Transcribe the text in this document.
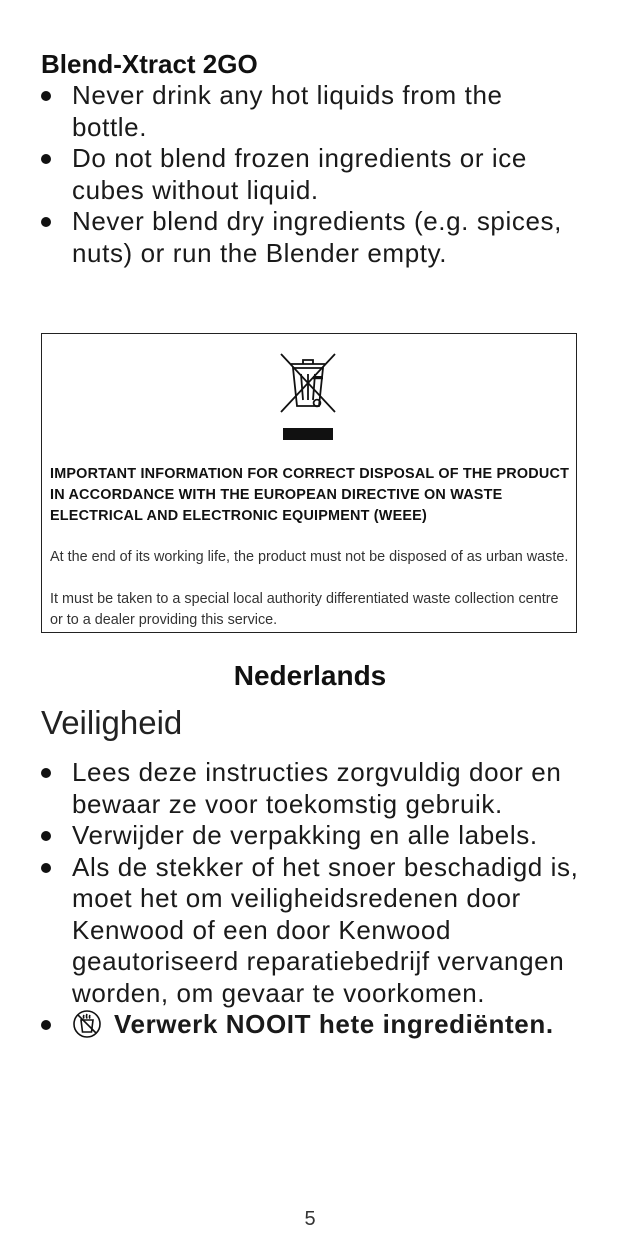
Blend-Xtract 2GO
Never drink any hot liquids from the bottle.
Do not blend frozen ingredients or ice cubes without liquid.
Never blend dry ingredients (e.g. spices, nuts) or run the Blender empty.

IMPORTANT INFORMATION FOR CORRECT DISPOSAL OF THE PRODUCT IN ACCORDANCE WITH THE EUROPEAN DIRECTIVE ON WASTE ELECTRICAL AND ELECTRONIC EQUIPMENT (WEEE)

At the end of its working life, the product must not be disposed of as urban waste.

It must be taken to a special local authority differentiated waste collection centre or to a dealer providing this service.

Nederlands
Veiligheid
Lees deze instructies zorgvuldig door en bewaar ze voor toekomstig gebruik.
Verwijder de verpakking en alle labels.
Als de stekker of het snoer beschadigd is, moet het om veiligheidsredenen door Kenwood of een door Kenwood geautoriseerd reparatiebedrijf vervangen worden, om gevaar te voorkomen.
Verwerk NOOIT hete ingrediënten.
5
